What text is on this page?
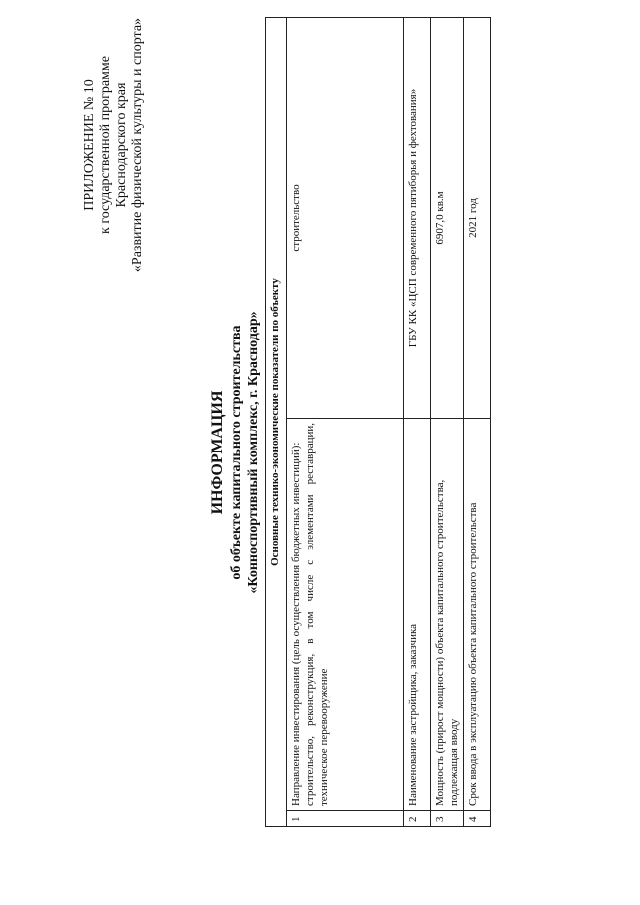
ПРИЛОЖЕНИЕ № 10 к государственной программе Краснодарского края «Развитие физической культуры и спорта»
ИНФОРМАЦИЯ об объекте капитального строительства «Конноспортивный комплекс, г. Краснодар» Основные технико-экономические показатели по объекту		
1	Направление инвестирования (цель осуществления бюджетных инвестиций): строительство, реконструкция, в том числе с элементами реставрации, техническое перевооружение	строительство
2	Наименование застройщика, заказчика	ГБУ КК «ЦСП современного пятиборья и фехтования»
3	Мощность (прирост мощности) объекта капитального строительства, подлежащая вводу	6907,0 кв.м
4	Срок ввода в эксплуатацию объекта капитального строительства	2021 год
